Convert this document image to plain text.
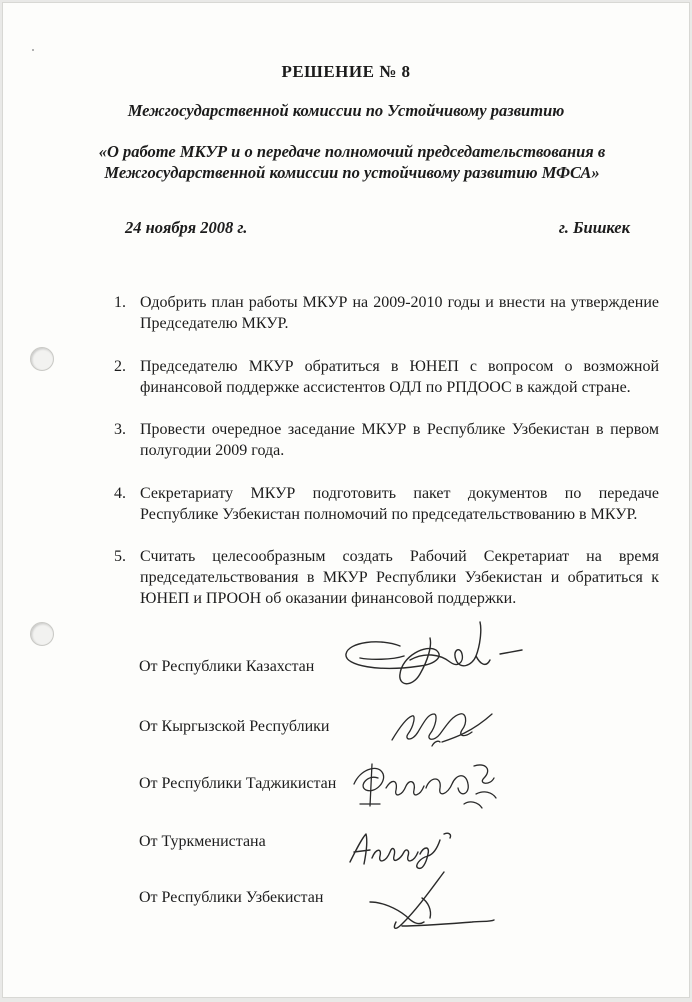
РЕШЕНИЕ № 8
Межгосударственной комиссии по Устойчивому развитию
«О работе МКУР и о передаче полномочий председательствования в
Межгосударственной комиссии по устойчивому развитию МФСА»
24 ноября 2008 г.	г. Бишкек
1. Одобрить план работы МКУР на 2009-2010 годы и внести на утверждение Председателю МКУР.
2. Председателю МКУР обратиться в ЮНЕП с вопросом о возможной финансовой поддержке ассистентов ОДЛ по РПДООС в каждой стране.
3. Провести очередное заседание МКУР в Республике Узбекистан в первом полугодии 2009 года.
4. Секретариату МКУР подготовить пакет документов по передаче Республике Узбекистан полномочий по председательствованию в МКУР.
5. Считать целесообразным создать Рабочий Секретариат на время председательствования в МКУР Республики Узбекистан и обратиться к ЮНЕП и ПРООН об оказании финансовой поддержки.
От Республики Казахстан
От Кыргызской Республики
От Республики Таджикистан
От Туркменистана
От Республики Узбекистан
